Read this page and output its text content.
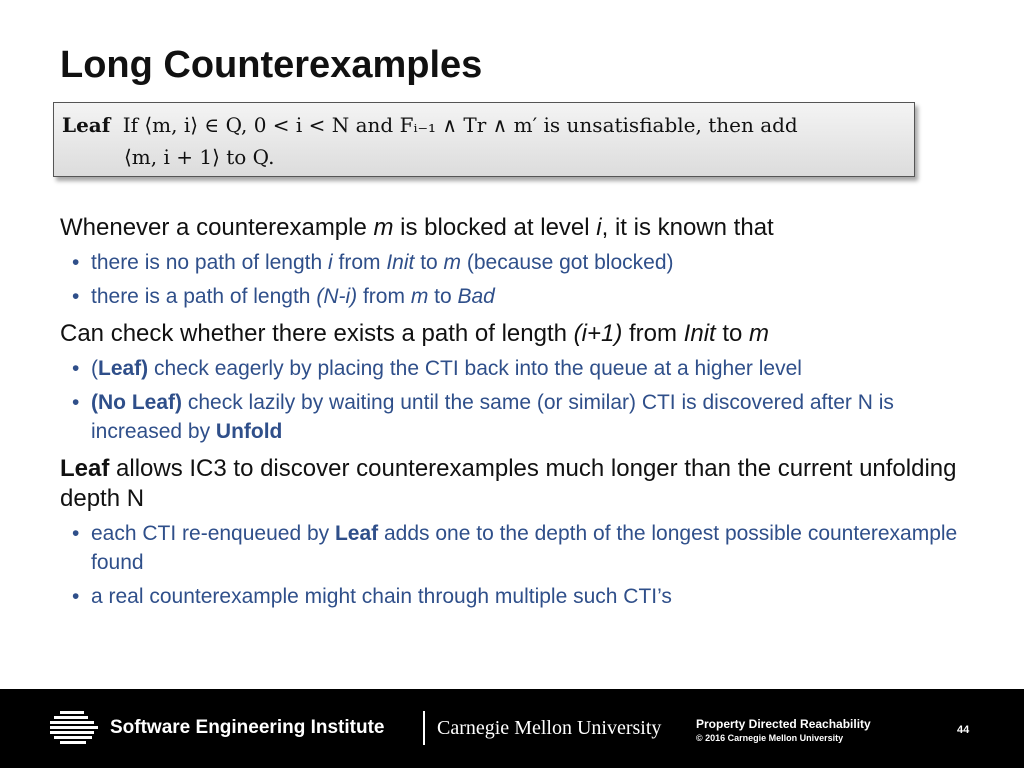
Long Counterexamples
Leaf If ⟨m, i⟩ ∈ Q, 0 < i < N and Fᵢ₋₁ ∧ Tr ∧ m′ is unsatisfiable, then add
⟨m, i + 1⟩ to Q.
Whenever a counterexample m is blocked at level i, it is known that
• there is no path of length i from Init to m (because got blocked)
• there is a path of length (N-i) from m to Bad
Can check whether there exists a path of length (i+1) from Init to m
• (Leaf) check eagerly by placing the CTI back into the queue at a higher level
• (No Leaf) check lazily by waiting until the same (or similar) CTI is discovered after N is increased by Unfold
Leaf allows IC3 to discover counterexamples much longer than the current unfolding depth N
• each CTI re-enqueued by Leaf adds one to the depth of the longest possible counterexample found
• a real counterexample might chain through multiple such CTI’s
Software Engineering Institute	Carnegie Mellon University	Property Directed Reachability
© 2016 Carnegie Mellon University
44
